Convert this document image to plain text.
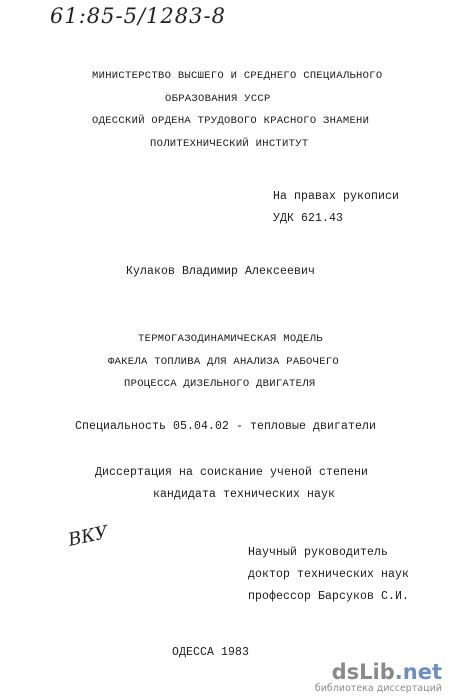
61:85-5/1283-8
МИНИСТЕРСТВО ВЫСШЕГО И СРЕДНЕГО СПЕЦИАЛЬНОГО
ОБРАЗОВАНИЯ УССР
ОДЕССКИЙ ОРДЕНА ТРУДОВОГО КРАСНОГО ЗНАМЕНИ
ПОЛИТЕХНИЧЕСКИЙ ИНСТИТУТ
На правах рукописи
УДК 621.43
Кулаков Владимир Алексеевич
ТЕРМОГАЗОДИНАМИЧЕСКАЯ МОДЕЛЬ
ФАКЕЛА ТОПЛИВА ДЛЯ АНАЛИЗА РАБОЧЕГО
ПРОЦЕССА ДИЗЕЛЬНОГО ДВИГАТЕЛЯ
Специальность 05.04.02 - тепловые двигатели
Диссертация на соискание ученой степени
кандидата технических наук
ВКУ
Научный руководитель
доктор технических наук
профессор Барсуков С.И.
ОДЕССА 1983
dsLib.net
библиотека диссертаций
